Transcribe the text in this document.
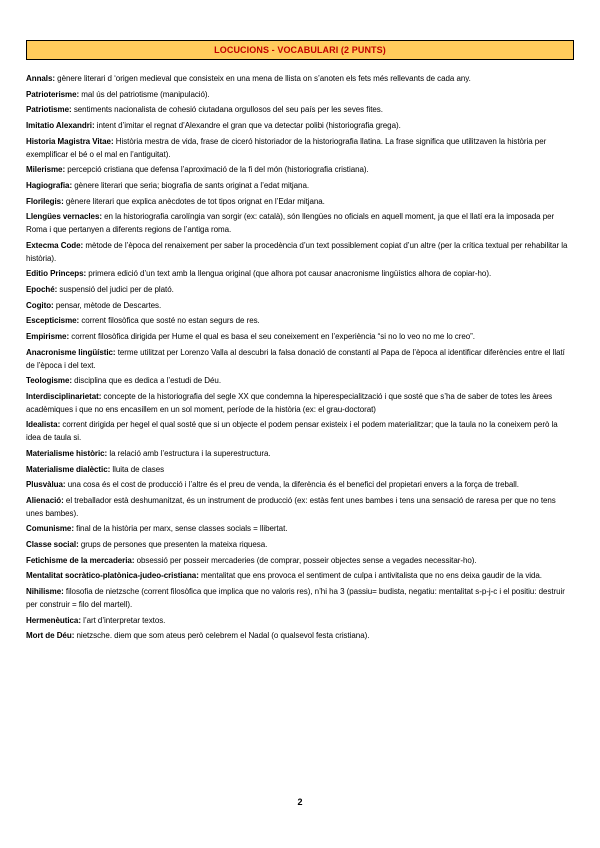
LOCUCIONS - VOCABULARI (2 PUNTS)

Annals: gènere literari d ‘origen medieval que consisteix en una mena de llista on s’anoten els fets més rellevants de cada any.

Patrioterisme: mal ús del patriotisme (manipulació).

Patriotisme: sentiments nacionalista de cohesió ciutadana orgullosos del seu país per les seves fites.

Imitatio Alexandri: intent d’imitar el regnat d’Alexandre el gran que va detectar polibi (historiografia grega).

Historia Magistra Vitae: Història mestra de vida, frase de ciceró historiador de la historiografia llatina. La frase significa que utilitzaven la història per exemplificar el bé o el mal en l’antiguitat).

Milerisme: percepció cristiana que defensa l’aproximació de la fi del món (historiografia cristiana).

Hagiografia: gènere literari que seria; biografia de sants originat a l’edat mitjana.

Florilegis: gènere literari que explica anècdotes de tot tipos orignat en l’Edar mitjana.

Llengües vernacles: en la historiografia carolíngia van sorgir (ex: català), són llengües no oficials en aquell moment, ja que el llatí era la imposada per Roma i que pertanyen a diferents regions de l’antiga roma.

Extecma Code: mètode de l’època del renaixement per saber la procedència d’un text possiblement copiat d’un altre (per la crítica textual per rehabilitar la història).

Editio Princeps: primera edició d’un text amb la llengua original (que alhora pot causar anacronisme lingüístics alhora de copiar-ho).

Epoché: suspensió del judici per de plató.

Cogito: pensar, mètode de Descartes.

Escepticisme: corrent filosòfica que sosté no estan segurs de res.

Empirisme: corrent filosòfica dirigida per Hume el qual es basa el seu coneixement en l’experiència “si no lo veo no me lo creo”.

Anacronisme lingüístic: terme utilitzat per Lorenzo Valla al descubri la falsa donació de constantí al Papa de l’època al identificar diferències entre el llatí de l’època i del text.

Teologisme: disciplina que es dedica a l’estudi de Déu.

Interdisciplinarietat: concepte de la historiografia del segle XX que condemna la hiperespecialització i que sosté que s’ha de saber de totes les àrees acadèmiques i que no ens encasillem en un sol moment, període de la història (ex: el grau-doctorat)

Idealista: corrent dirigida per hegel el qual sosté que si un objecte el podem pensar existeix i el podem materialitzar; que la taula no la coneixem però la idea de taula si.

Materialisme històric: la relació amb l’estructura i la superestructura.

Materialisme dialèctic: lluita de clases

Plusvàlua: una cosa és el cost de producció i l’altre és el preu de venda, la diferència és el benefici del propietari envers a la força de treball.

Alienació: el treballador està deshumanitzat, és un instrument de producció (ex: estàs fent unes bambes i tens una sensació de raresa per que no tens unes bambes).

Comunisme: final de la història per marx, sense classes socials = llibertat.

Classe social: grups de persones que presenten la mateixa riquesa.

Fetichisme de la mercaderia: obsessió per posseir mercaderies (de comprar, posseir objectes sense a vegades necessitar-ho).

Mentalitat socràtico-platònica-judeo-cristiana: mentalitat que ens provoca el sentiment de culpa i antivitalista que no ens deixa gaudir de la vida.

Nihilisme: filosofia de nietzsche (corrent filosòfica que implica que no valoris res), n’hi ha 3 (passiu= budista, negatiu: mentalitat s-p-j-c i el positiu: destruir per construir = filo del martell).

Hermenèutica: l’art d’interpretar textos.

Mort de Déu: nietzsche. diem que som ateus però celebrem el Nadal (o qualsevol festa cristiana).

2
